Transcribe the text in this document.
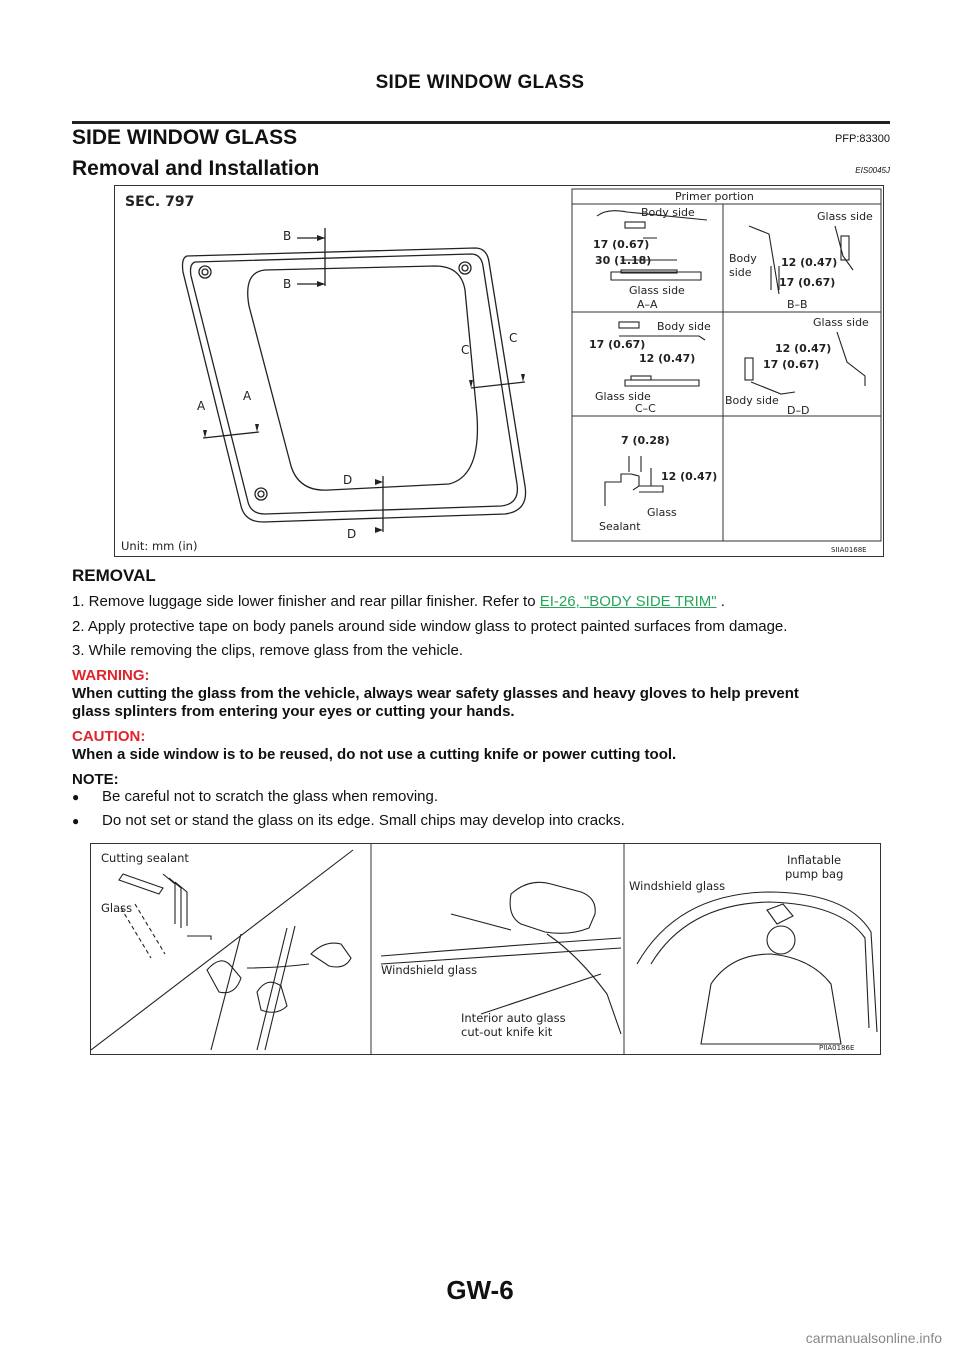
SIDE WINDOW GLASS
SIDE WINDOW GLASS	PFP:83300
Removal and Installation	EIS0045J
SEC. 797
B
B
A
A
C
C
D
D
Unit: mm (in)	SIIA0168E
Primer portion
Body side
17 (0.67)
30 (1.18)
Glass side
A–A
Glass side
Body
side
12 (0.47)
17 (0.67)
B–B
Body side
17 (0.67)
12 (0.47)
Glass side
C–C
Glass side
12 (0.47)
17 (0.67)
Body side
D–D
7 (0.28)
12 (0.47)
Glass
Sealant
REMOVAL
1. Remove luggage side lower finisher and rear pillar finisher. Refer to EI-26, "BODY SIDE TRIM" .
2. Apply protective tape on body panels around side window glass to protect painted surfaces from damage.
3. While removing the clips, remove glass from the vehicle.
WARNING:
When cutting the glass from the vehicle, always wear safety glasses and heavy gloves to help prevent
glass splinters from entering your eyes or cutting your hands.
CAUTION:
When a side window is to be reused, do not use a cutting knife or power cutting tool.
NOTE:
● Be careful not to scratch the glass when removing.
● Do not set or stand the glass on its edge. Small chips may develop into cracks.
Cutting sealant
Glass
Windshield glass
Interior auto glass
cut-out knife kit
Windshield glass
Inflatable
pump bag
PIIA0186E
GW-6
carmanualsonline.info
